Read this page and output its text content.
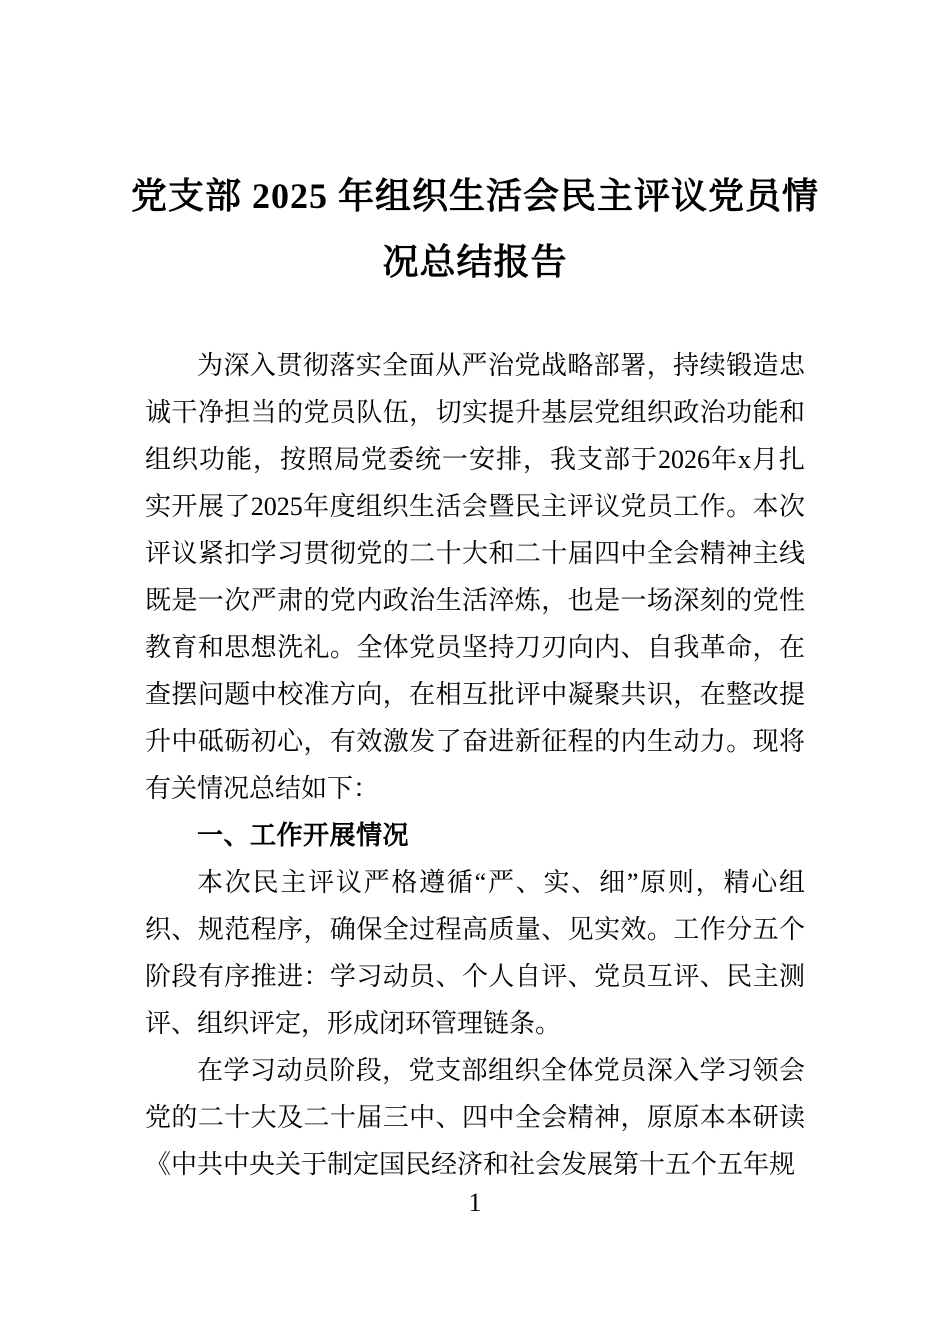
党支部 2025 年组织生活会民主评议党员情
况总结报告

为深入贯彻落实全面从严治党战略部署，持续锻造忠诚干净担当的党员队伍，切实提升基层党组织政治功能和组织功能，按照局党委统一安排，我支部于2026年x月扎实开展了2025年度组织生活会暨民主评议党员工作。本次评议紧扣学习贯彻党的二十大和二十届四中全会精神主线既是一次严肃的党内政治生活淬炼，也是一场深刻的党性教育和思想洗礼。全体党员坚持刀刃向内、自我革命，在查摆问题中校准方向，在相互批评中凝聚共识，在整改提升中砥砺初心，有效激发了奋进新征程的内生动力。现将有关情况总结如下：

一、工作开展情况

本次民主评议严格遵循“严、实、细”原则，精心组织、规范程序，确保全过程高质量、见实效。工作分五个阶段有序推进：学习动员、个人自评、党员互评、民主测评、组织评定，形成闭环管理链条。

在学习动员阶段，党支部组织全体党员深入学习领会党的二十大及二十届三中、四中全会精神，原原本本研读《中共中央关于制定国民经济和社会发展第十五个五年规

1
